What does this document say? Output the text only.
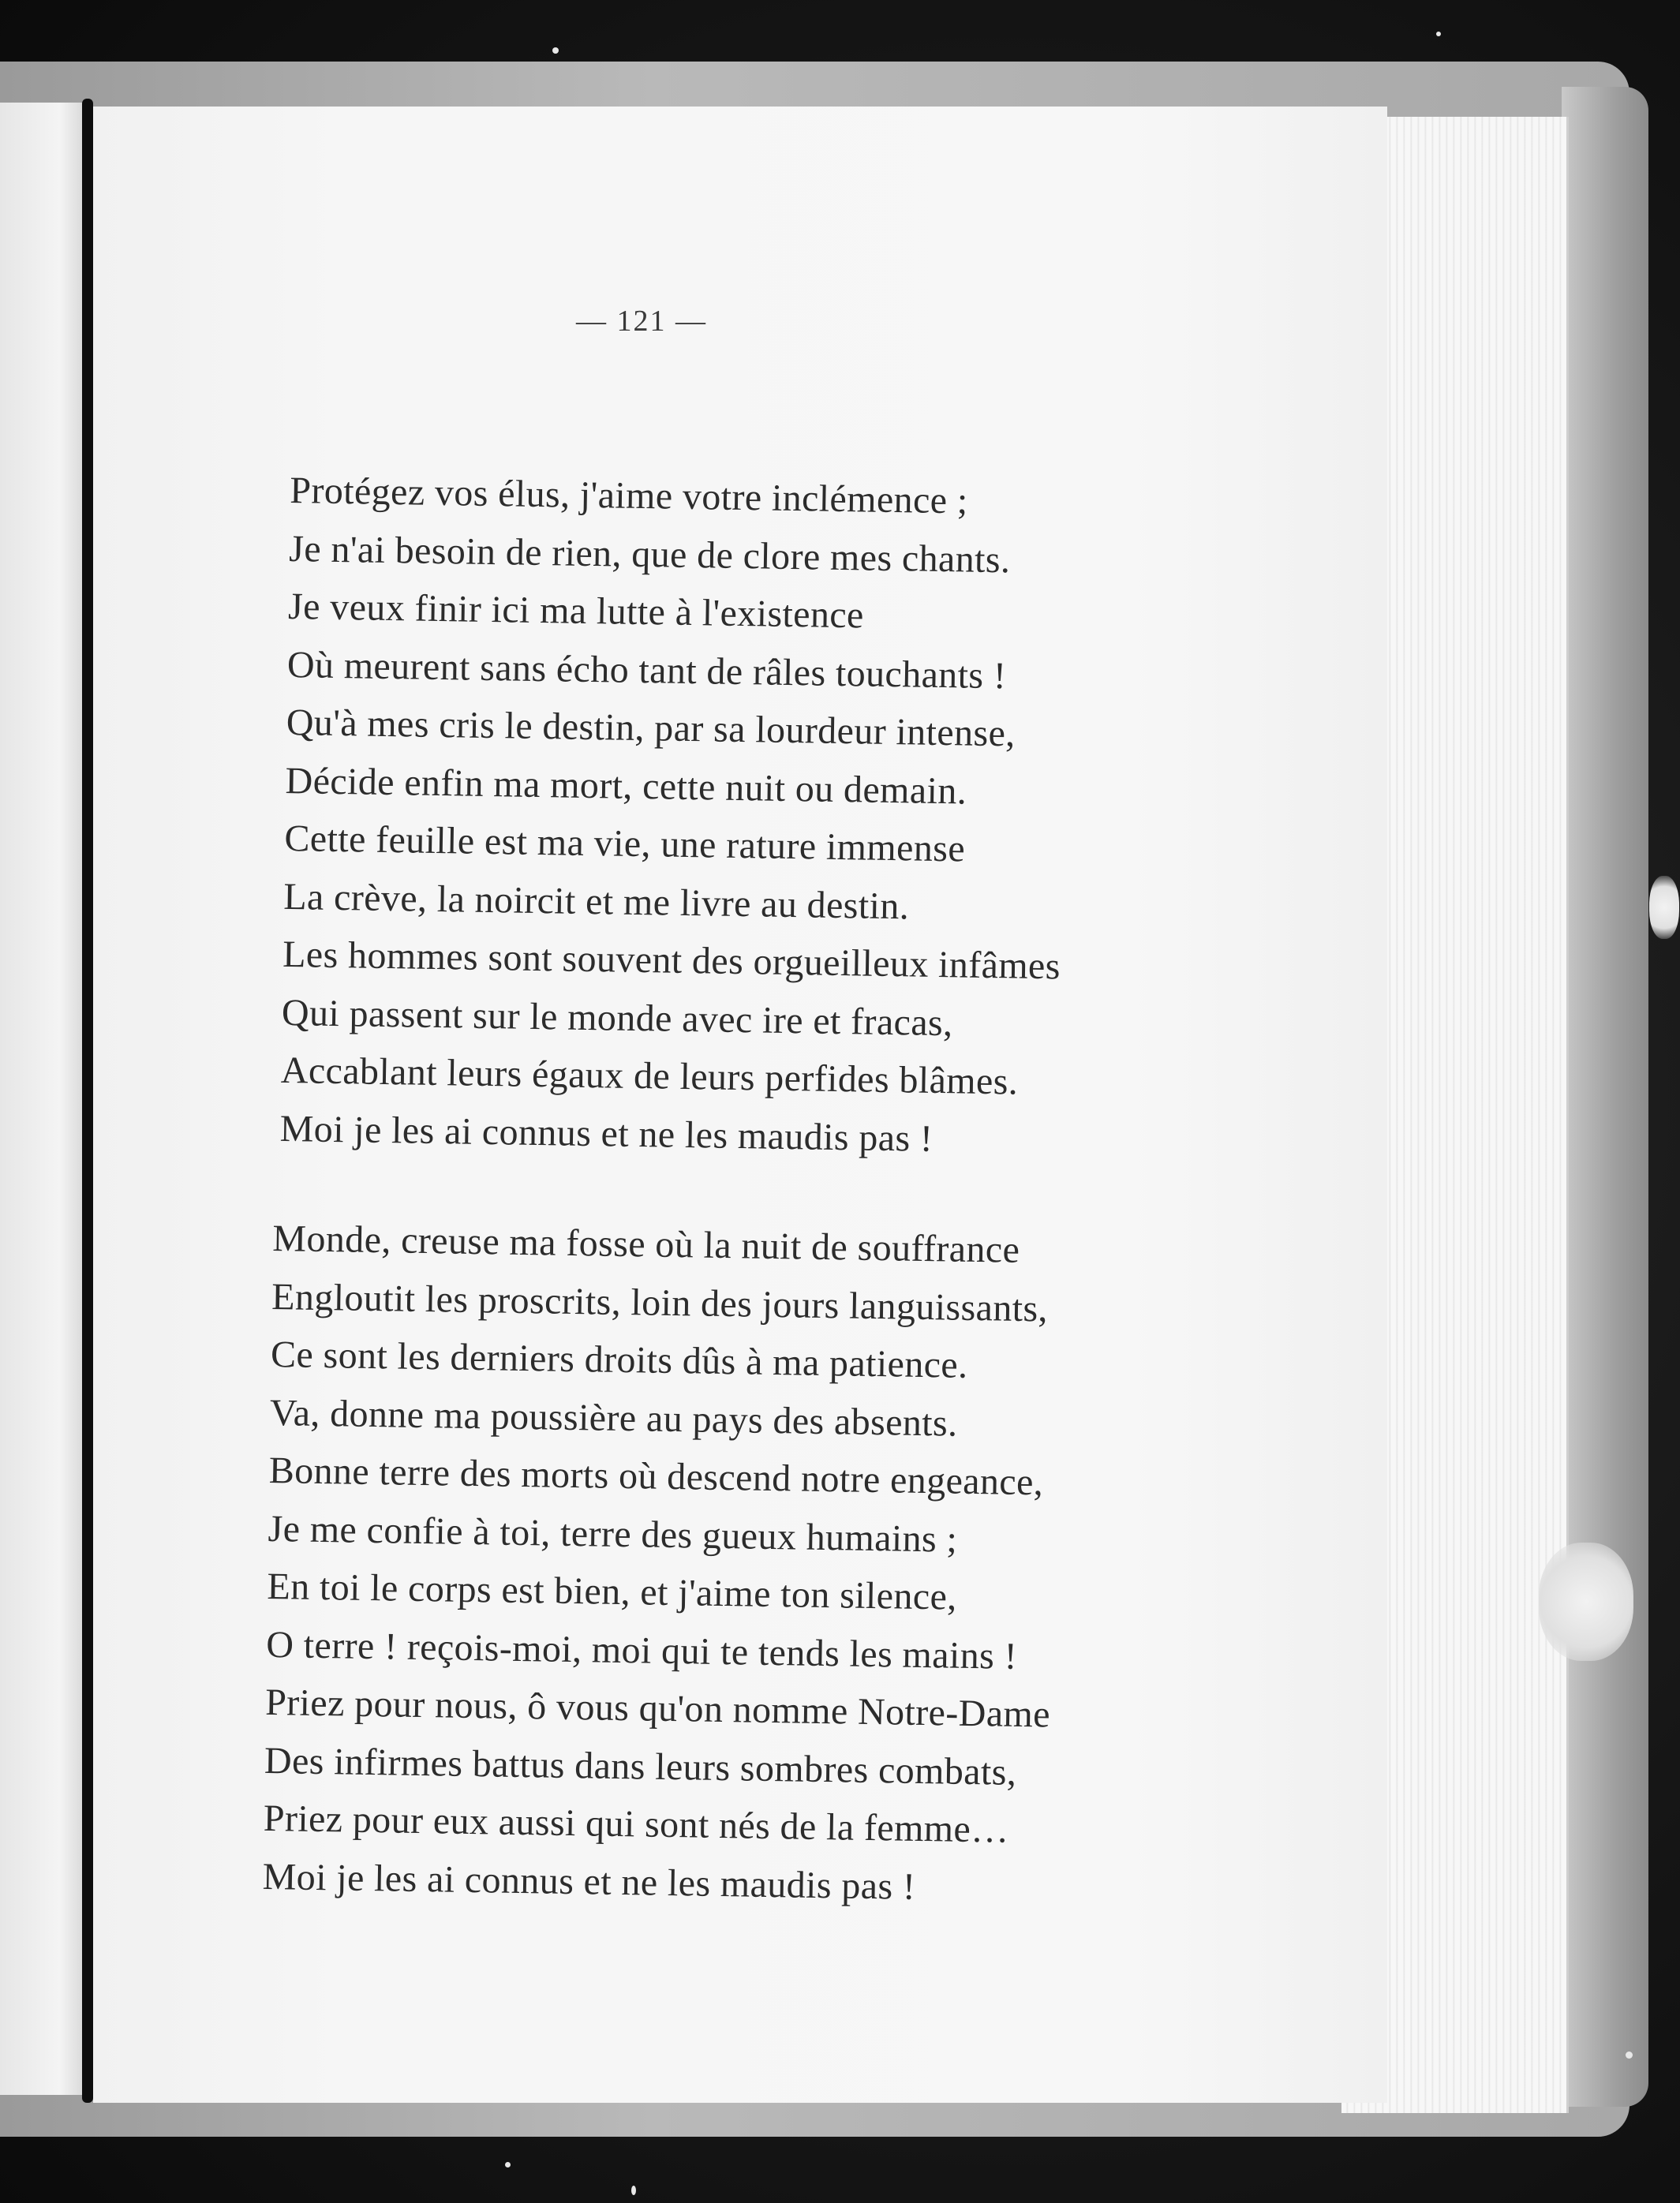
— 121 —
Protégez vos élus, j'aime votre inclémence ;
Je n'ai besoin de rien, que de clore mes chants.
Je veux finir ici ma lutte à l'existence
Où meurent sans écho tant de râles touchants !
Qu'à mes cris le destin, par sa lourdeur intense,
Décide enfin ma mort, cette nuit ou demain.
Cette feuille est ma vie, une rature immense
La crève, la noircit et me livre au destin.
Les hommes sont souvent des orgueilleux infâmes
Qui passent sur le monde avec ire et fracas,
Accablant leurs égaux de leurs perfides blâmes.
Moi je les ai connus et ne les maudis pas !
Monde, creuse ma fosse où la nuit de souffrance
Engloutit les proscrits, loin des jours languissants,
Ce sont les derniers droits dûs à ma patience.
Va, donne ma poussière au pays des absents.
Bonne terre des morts où descend notre engeance,
Je me confie à toi, terre des gueux humains ;
En toi le corps est bien, et j'aime ton silence,
O terre ! reçois-moi, moi qui te tends les mains !
Priez pour nous, ô vous qu'on nomme Notre-Dame
Des infirmes battus dans leurs sombres combats,
Priez pour eux aussi qui sont nés de la femme…
Moi je les ai connus et ne les maudis pas !
